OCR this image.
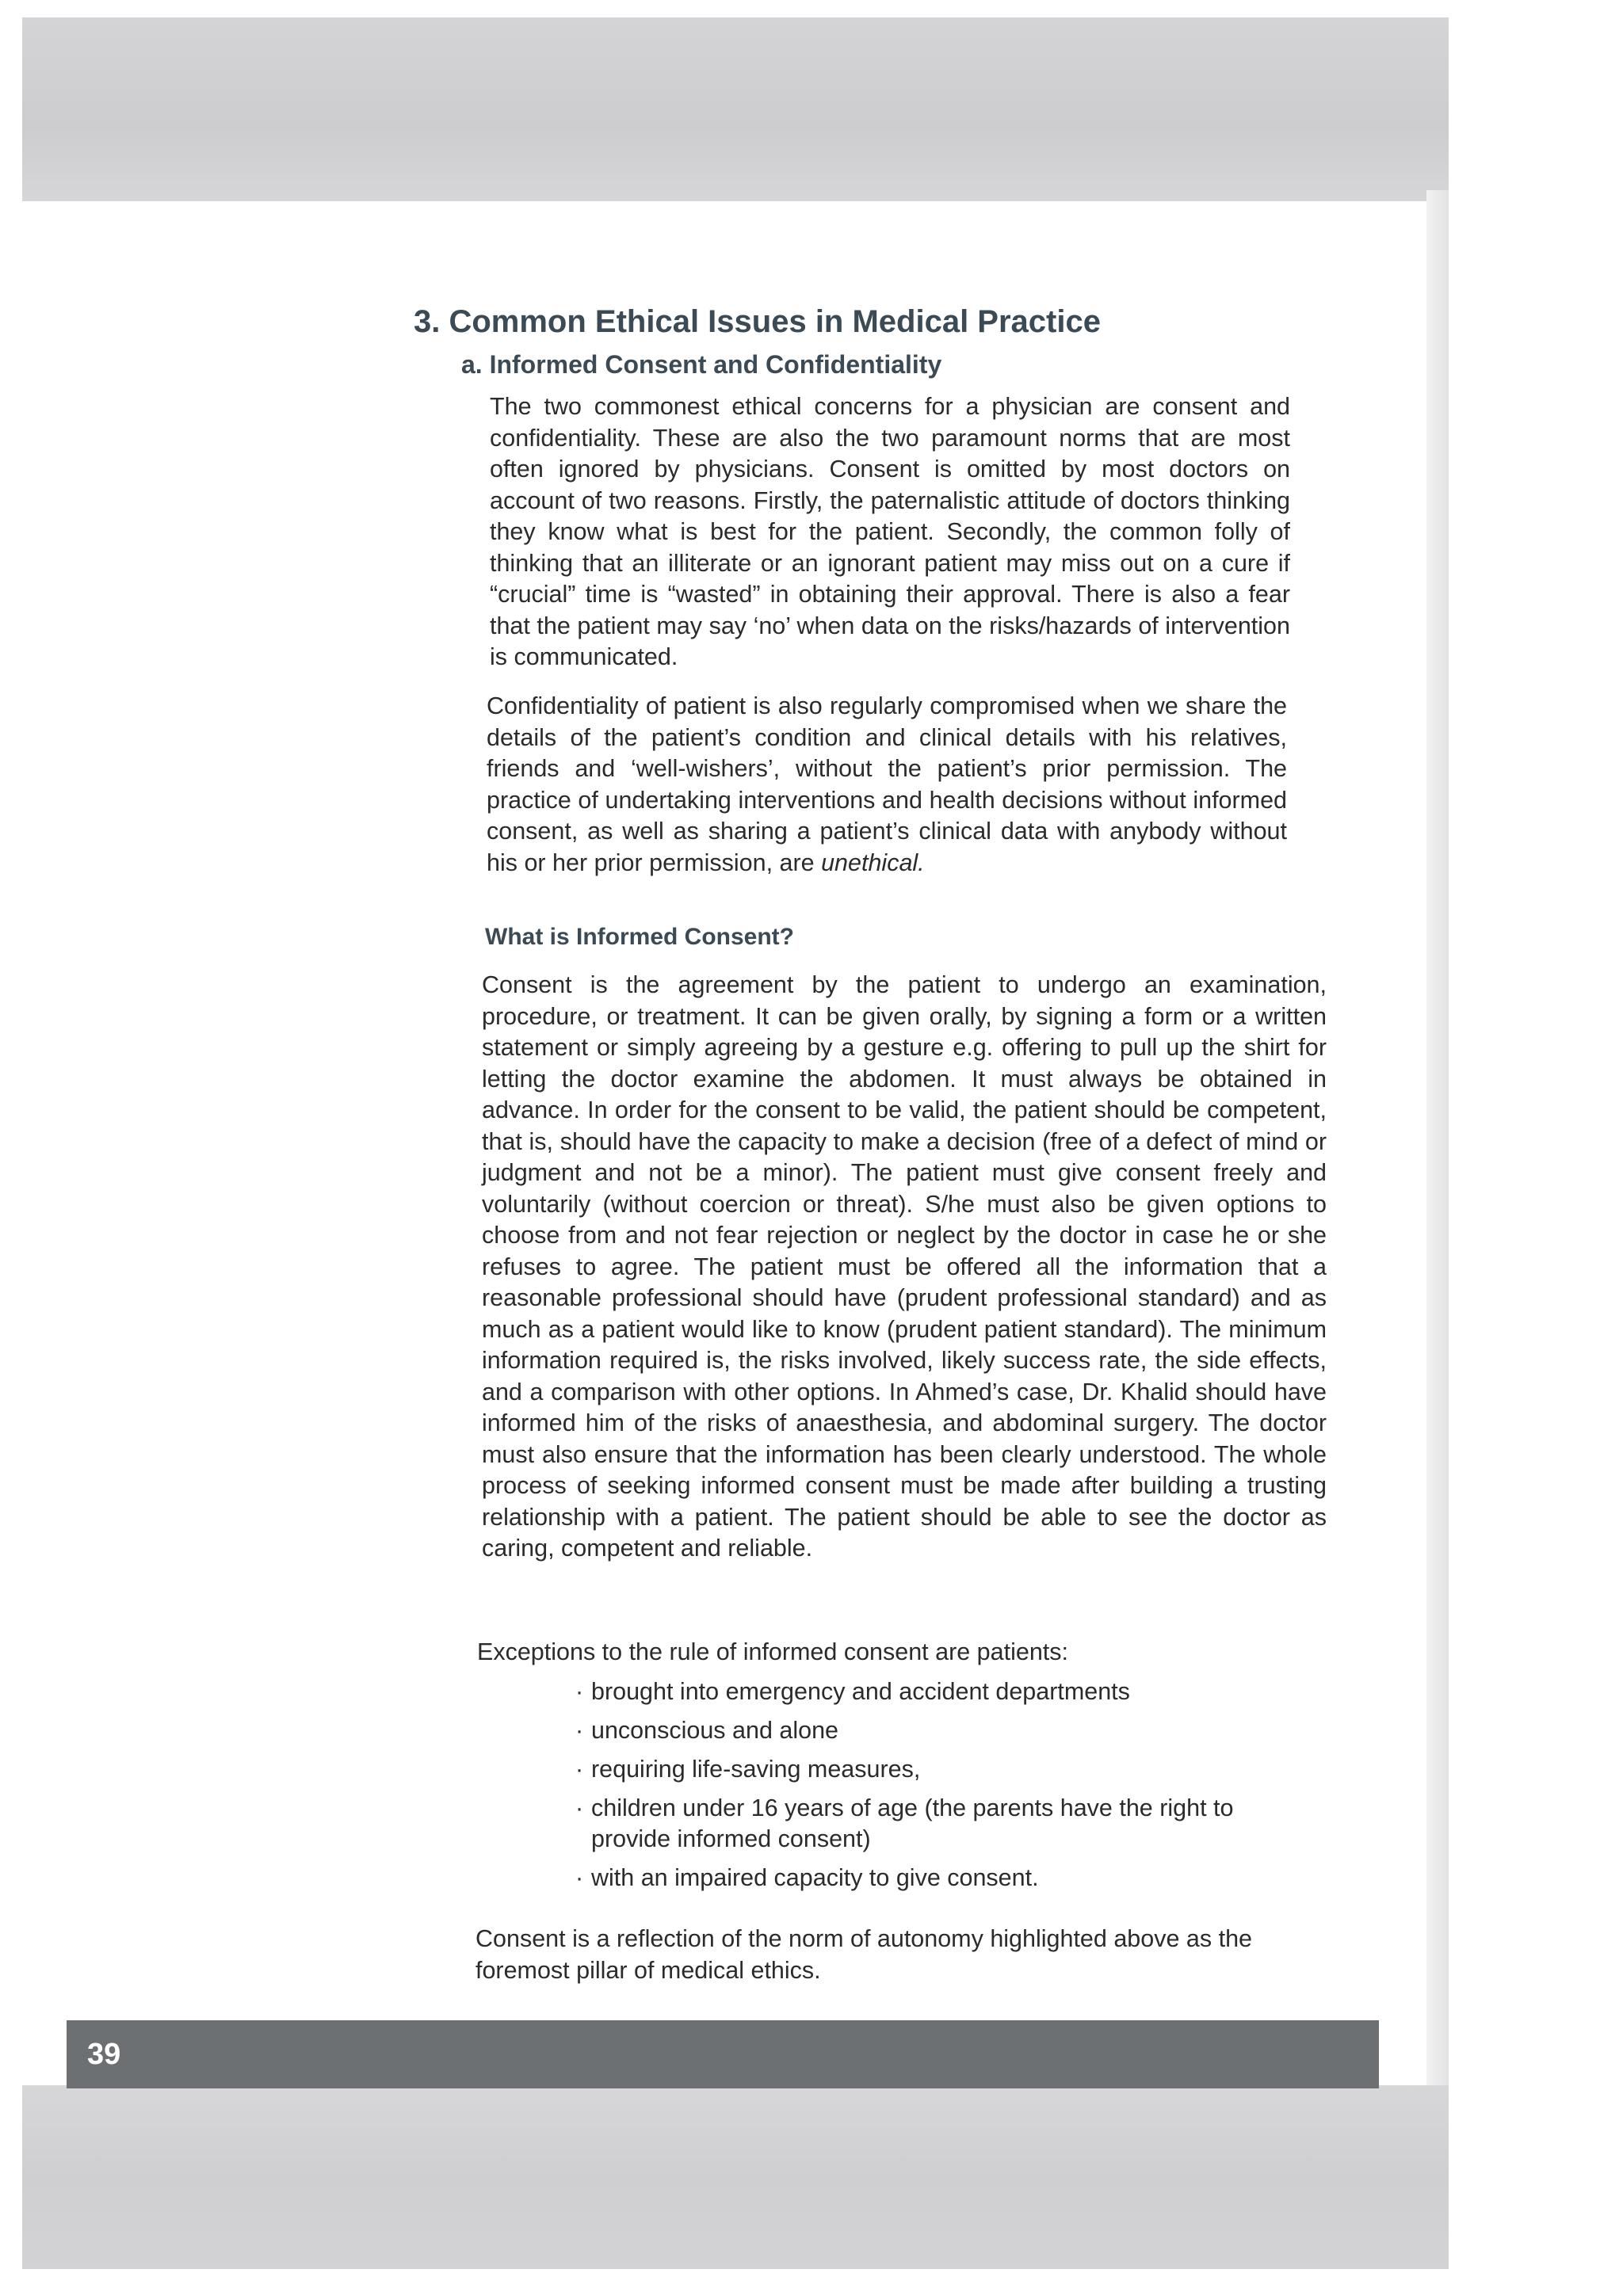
3. Common Ethical Issues in Medical Practice
a. Informed Consent and Confidentiality

The two commonest ethical concerns for a physician are consent and confidentiality. These are also the two paramount norms that are most often ignored by physicians. Consent is omitted by most doctors on account of two reasons. Firstly, the paternalistic attitude of doctors thinking they know what is best for the patient. Secondly, the common folly of thinking that an illiterate or an ignorant patient may miss out on a cure if “crucial” time is “wasted” in obtaining their approval. There is also a fear that the patient may say ‘no’ when data on the risks/hazards of intervention is communicated.

Confidentiality of patient is also regularly compromised when we share the details of the patient’s condition and clinical details with his relatives, friends and ‘well-wishers’, without the patient’s prior permission. The practice of undertaking interventions and health decisions without informed consent, as well as sharing a patient’s clinical data with anybody without his or her prior permission, are unethical.

What is Informed Consent?

Consent is the agreement by the patient to undergo an examination, procedure, or treatment. It can be given orally, by signing a form or a written statement or simply agreeing by a gesture e.g. offering to pull up the shirt for letting the doctor examine the abdomen. It must always be obtained in advance. In order for the consent to be valid, the patient should be competent, that is, should have the capacity to make a decision (free of a defect of mind or judgment and not be a minor). The patient must give consent freely and voluntarily (without coercion or threat). S/he must also be given options to choose from and not fear rejection or neglect by the doctor in case he or she refuses to agree. The patient must be offered all the information that a reasonable professional should have (prudent professional standard) and as much as a patient would like to know (prudent patient standard). The minimum information required is, the risks involved, likely success rate, the side effects, and a comparison with other options. In Ahmed’s case, Dr. Khalid should have informed him of the risks of anaesthesia, and abdominal surgery. The doctor must also ensure that the information has been clearly understood. The whole process of seeking informed consent must be made after building a trusting relationship with a patient. The patient should be able to see the doctor as caring, competent and reliable.

Exceptions to the rule of informed consent are patients:

· brought into emergency and accident departments
· unconscious and alone
· requiring life-saving measures,
· children under 16 years of age (the parents have the right to provide informed consent)
· with an impaired capacity to give consent.

Consent is a reflection of the norm of autonomy highlighted above as the foremost pillar of medical ethics.

39
